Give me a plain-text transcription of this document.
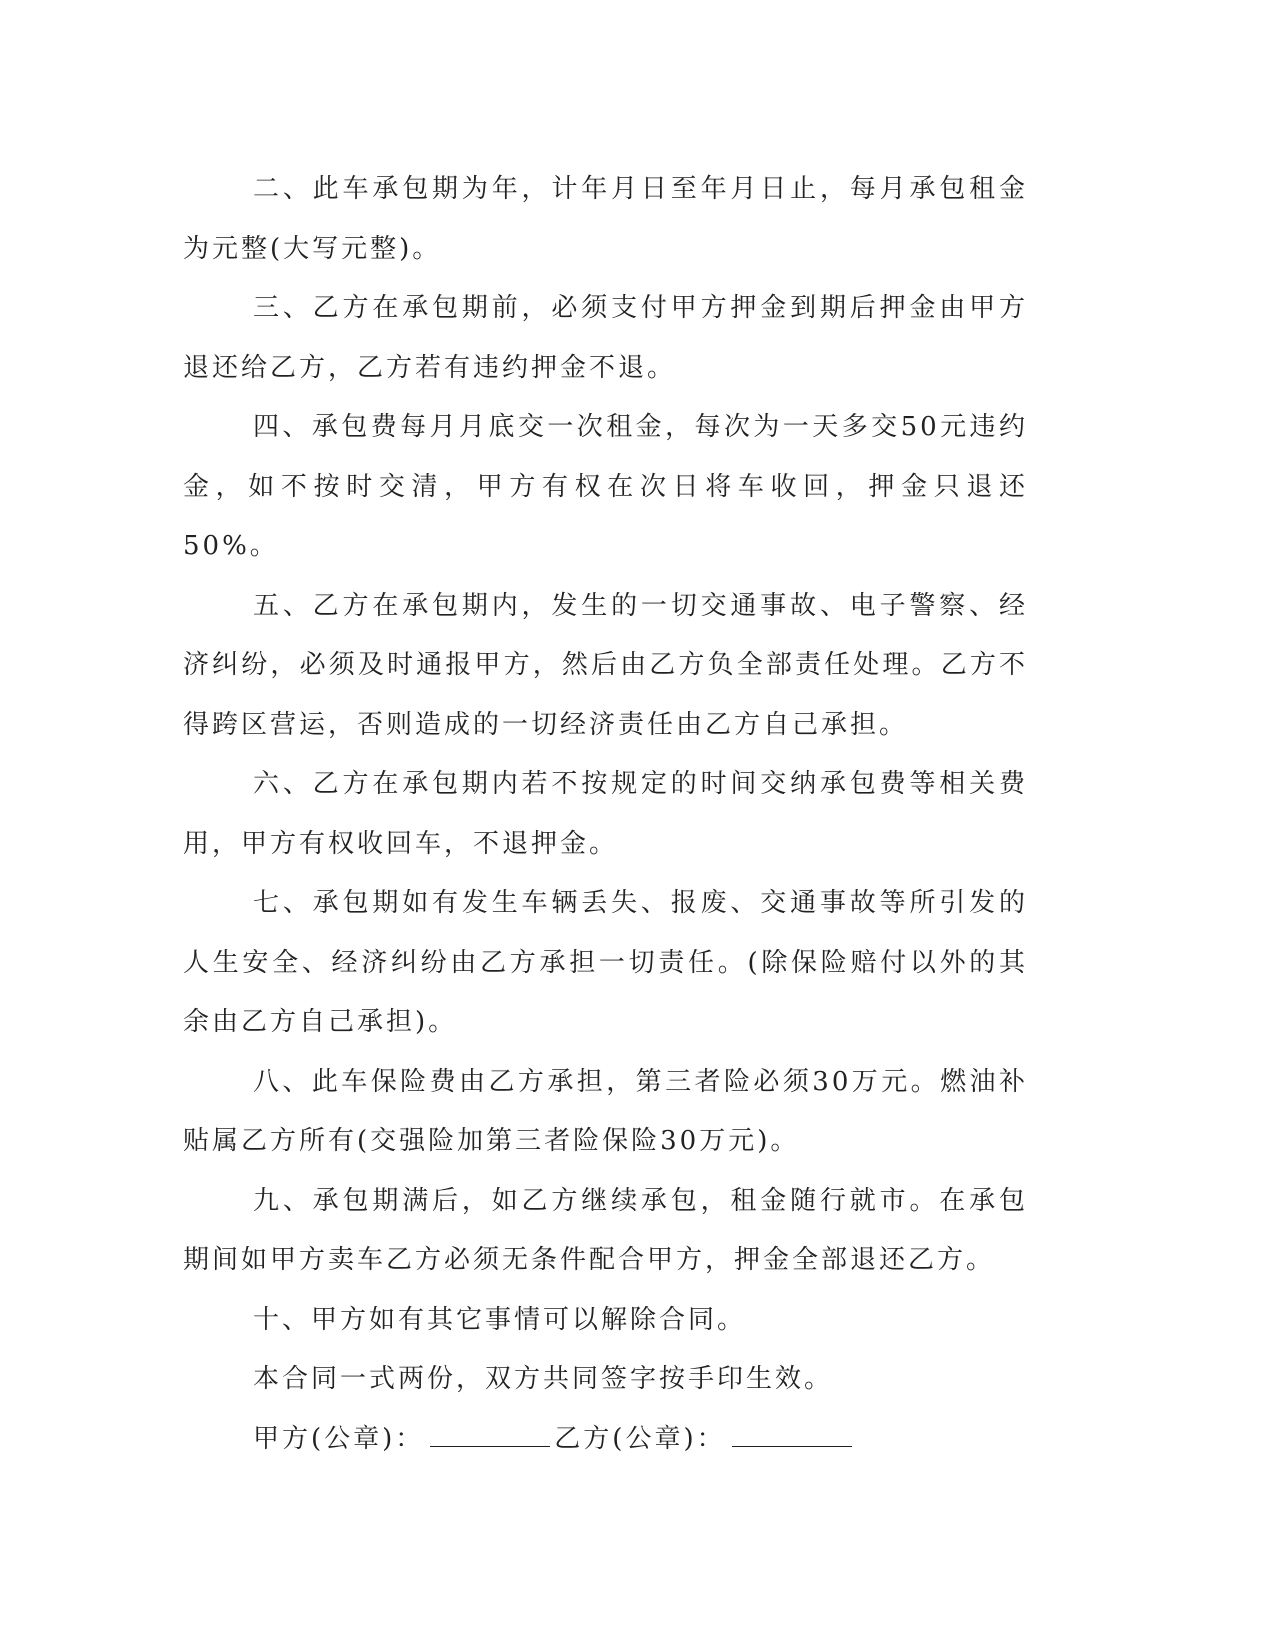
二、此车承包期为年，计年月日至年月日止，每月承包租金为元整(大写元整)。

三、乙方在承包期前，必须支付甲方押金到期后押金由甲方退还给乙方，乙方若有违约押金不退。

四、承包费每月月底交一次租金，每次为一天多交50元违约金，如不按时交清，甲方有权在次日将车收回，押金只退还50%。

五、乙方在承包期内，发生的一切交通事故、电子警察、经济纠纷，必须及时通报甲方，然后由乙方负全部责任处理。乙方不得跨区营运，否则造成的一切经济责任由乙方自己承担。

六、乙方在承包期内若不按规定的时间交纳承包费等相关费用，甲方有权收回车，不退押金。

七、承包期如有发生车辆丢失、报废、交通事故等所引发的人生安全、经济纠纷由乙方承担一切责任。(除保险赔付以外的其余由乙方自己承担)。

八、此车保险费由乙方承担，第三者险必须30万元。燃油补贴属乙方所有(交强险加第三者险保险30万元)。

九、承包期满后，如乙方继续承包，租金随行就市。在承包期间如甲方卖车乙方必须无条件配合甲方，押金全部退还乙方。

十、甲方如有其它事情可以解除合同。

本合同一式两份，双方共同签字按手印生效。

甲方(公章)：	乙方(公章)：
